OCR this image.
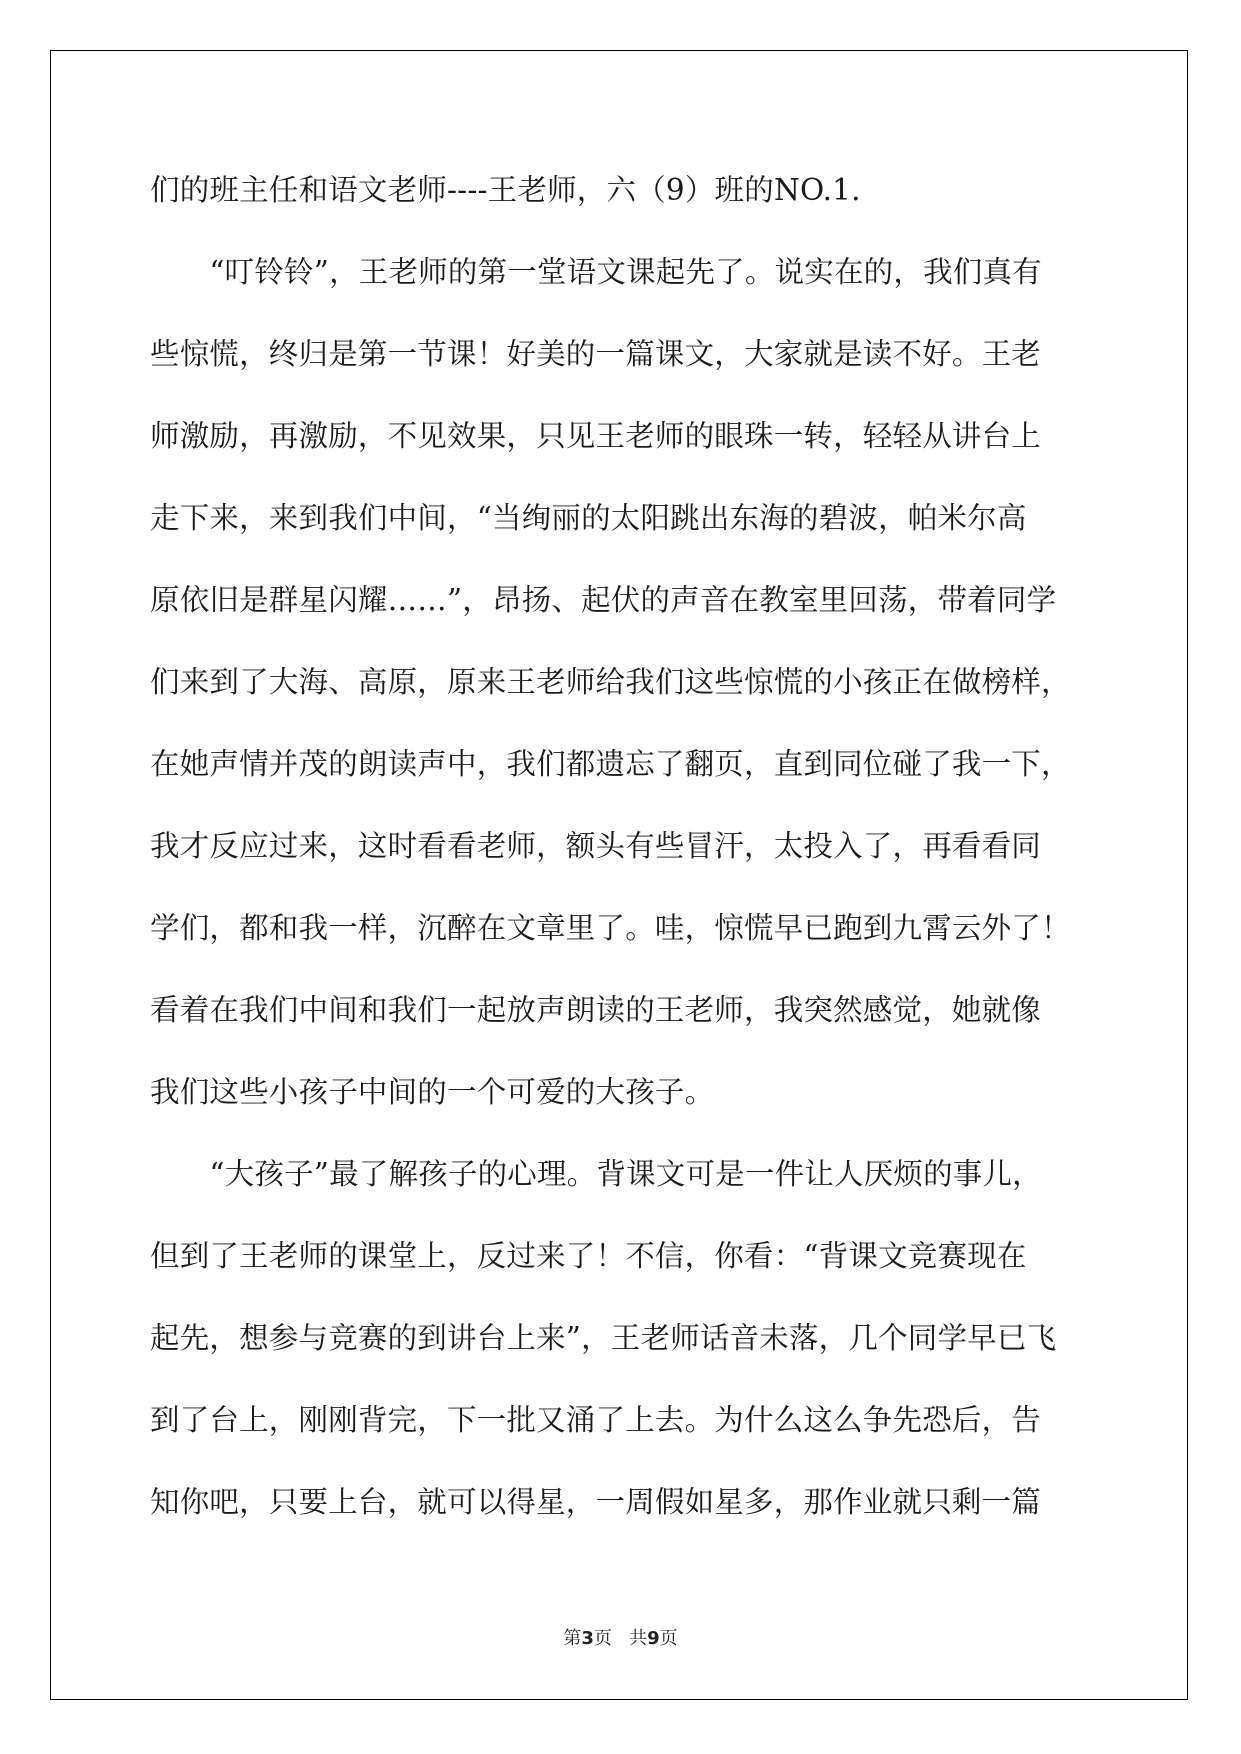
们的班主任和语文老师----王老师，六（9）班的NO.1.
　　“叮铃铃”，王老师的第一堂语文课起先了。说实在的，我们真有
些惊慌，终归是第一节课！好美的一篇课文，大家就是读不好。王老
师激励，再激励，不见效果，只见王老师的眼珠一转，轻轻从讲台上
走下来，来到我们中间，“当绚丽的太阳跳出东海的碧波，帕米尔高
原依旧是群星闪耀……”，昂扬、起伏的声音在教室里回荡，带着同学
们来到了大海、高原，原来王老师给我们这些惊慌的小孩正在做榜样，
在她声情并茂的朗读声中，我们都遗忘了翻页，直到同位碰了我一下，
我才反应过来，这时看看老师，额头有些冒汗，太投入了，再看看同
学们，都和我一样，沉醉在文章里了。哇，惊慌早已跑到九霄云外了！
看着在我们中间和我们一起放声朗读的王老师，我突然感觉，她就像
我们这些小孩子中间的一个可爱的大孩子。
　　“大孩子”最了解孩子的心理。背课文可是一件让人厌烦的事儿，
但到了王老师的课堂上，反过来了！不信，你看：“背课文竞赛现在
起先，想参与竞赛的到讲台上来”，王老师话音未落，几个同学早已飞
到了台上，刚刚背完，下一批又涌了上去。为什么这么争先恐后，告
知你吧，只要上台，就可以得星，一周假如星多，那作业就只剩一篇
第3页 共9页
